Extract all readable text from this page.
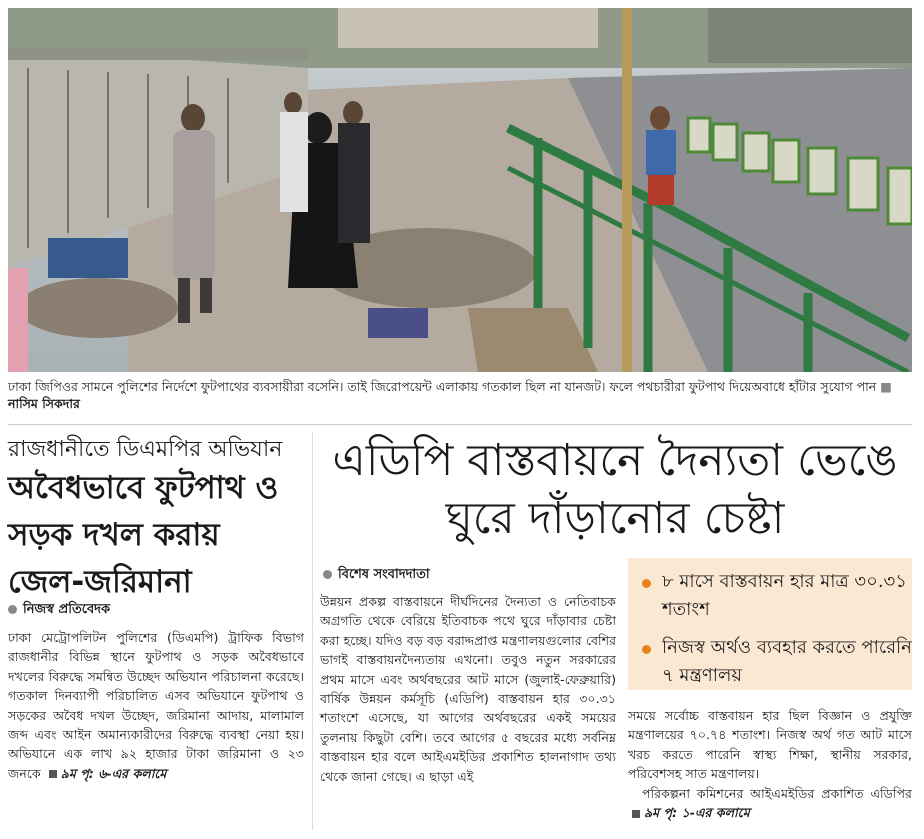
ঢাকা জিপিওর সামনে পুলিশের নির্দেশে ফুটপাথের ব্যবসায়ীরা বসেনি। তাই জিরোপয়েন্ট এলাকায় গতকাল ছিল না যানজট। ফলে পথচারীরা ফুটপাথ দিয়েঅবাধে হাঁটার সুযোগ পান ■ নাসিম সিকদার
রাজধানীতে ডিএমপির অভিযান
অবৈধভাবে ফুটপাথ ও সড়ক দখল করায় জেল-জরিমানা
নিজস্ব প্রতিবেদক
ঢাকা মেট্রোপলিটন পুলিশের (ডিএমপি) ট্রাফিক বিভাগ রাজধানীর বিভিন্ন স্থানে ফুটপাথ ও সড়ক অবৈধভাবে দখলের বিরুদ্ধে সমন্বিত উচ্ছেদ অভিযান পরিচালনা করেছে। গতকাল দিনব্যাপী পরিচালিত এসব অভিযানে ফুটপাথ ও সড়কের অবৈধ দখল উচ্ছেদ, জরিমানা আদায়, মালামাল জব্দ এবং আইন অমান্যকারীদের বিরুদ্ধে ব্যবস্থা নেয়া হয়। অভিযানে এক লাখ ৯২ হাজার টাকা জরিমানা ও ২৩ জনকে ৯ম পৃ: ৬-এর কলামে
এডিপি বাস্তবায়নে দৈন্যতা ভেঙে ঘুরে দাঁড়ানোর চেষ্টা
বিশেষ সংবাদদাতা
উন্নয়ন প্রকল্প বাস্তবায়নে দীর্ঘদিনের দৈন্যতা ও নেতিবাচক অগ্রগতি থেকে বেরিয়ে ইতিবাচক পথে ঘুরে দাঁড়াবার চেষ্টা করা হচ্ছে। যদিও বড় বড় বরাদ্দপ্রাপ্ত মন্ত্রণালয়গুলোর বেশির ভাগই বাস্তবায়নদৈন্যতায় এখনো। তবুও নতুন সরকারের প্রথম মাসে এবং অর্থবছরের আট মাসে (জুলাই-ফেব্রুয়ারি) বার্ষিক উন্নয়ন কর্মসূচি (এডিপি) বাস্তবায়ন হার ৩০.৩১ শতাংশে এসেছে, যা আগের অর্থবছরের একই সময়ের তুলনায় কিছুটা বেশি। তবে আগের ৫ বছরের মধ্যে সর্বনিম্ন বাস্তবায়ন হার বলে আইএমইডির প্রকাশিত হালনাগাদ তথ্য থেকে জানা গেছে। এ ছাড়া এই
৮ মাসে বাস্তবায়ন হার মাত্র ৩০.৩১ শতাংশ
নিজস্ব অর্থও ব্যবহার করতে পারেনি ৭ মন্ত্রণালয়
সময়ে সর্বোচ্চ বাস্তবায়ন হার ছিল বিজ্ঞান ও প্রযুক্তি মন্ত্রণালয়ের ৭০.৭৪ শতাংশ। নিজস্ব অর্থ গত আট মাসে খরচ করতে পারেনি স্বাস্থ্য শিক্ষা, স্থানীয় সরকার, পরিবেশসহ সাত মন্ত্রণালয়।
পরিকল্পনা কমিশনের আইএমইডির প্রকাশিত এডিপির ৯ম পৃ: ১-এর কলামে
